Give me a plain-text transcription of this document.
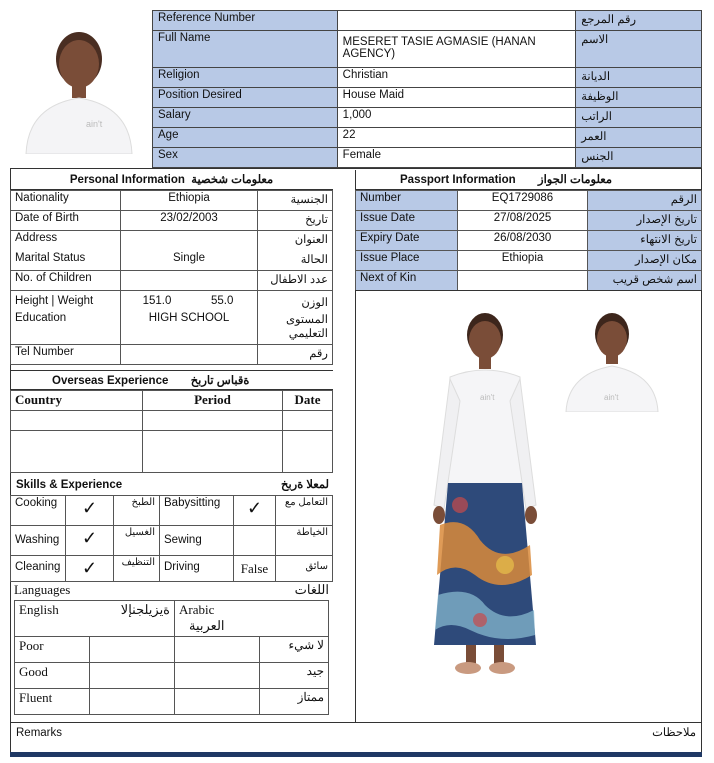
ain't
Reference Number		رقم المرجع
Full Name	MESERET TASIE AGMASIE (HANAN AGENCY)	الاسم
Religion	Christian	الديانة
Position Desired	House Maid	الوظيفة
Salary	1,000	الراتب
Age	22	العمر
Sex	Female	الجنس
Personal Information معلومات شخصية
Nationality	Ethiopia	الجنسية
Date of Birth	23/02/2003	تاريخ
Address		العنوان
Marital Status	Single	الحالة
No. of Children		عدد الاطفال
Height | Weight	151.0 55.0	الوزن
Education	HIGH SCHOOL	المستوى التعليمي
Tel Number		رقم
Overseas Experience ةقباس تاربخ
Country	Period	Date

Skills & Experience	لمعلا ةربخ
Cooking	✓	الطبخ	Babysitting	✓	التعامل مع
Washing	✓	الغسيل	Sewing		الخياطة
Cleaning	✓	التنظيف	Driving	False	سائق
Languages	اللغات
English ةيزيلجنإلا		Arabic
العربية	
Poor			لا شيء
Good			جيد
Fluent			ممتاز
Passport Information معلومات الجواز
Number	EQ1729086	الرقم
Issue Date	27/08/2025	تاريخ الإصدار
Expiry Date	26/08/2030	تاريخ الانتهاء
Issue Place	Ethiopia	مكان الإصدار
Next of Kin		اسم شخص قريب
ain't	ain't
Remarks	ملاحظات
